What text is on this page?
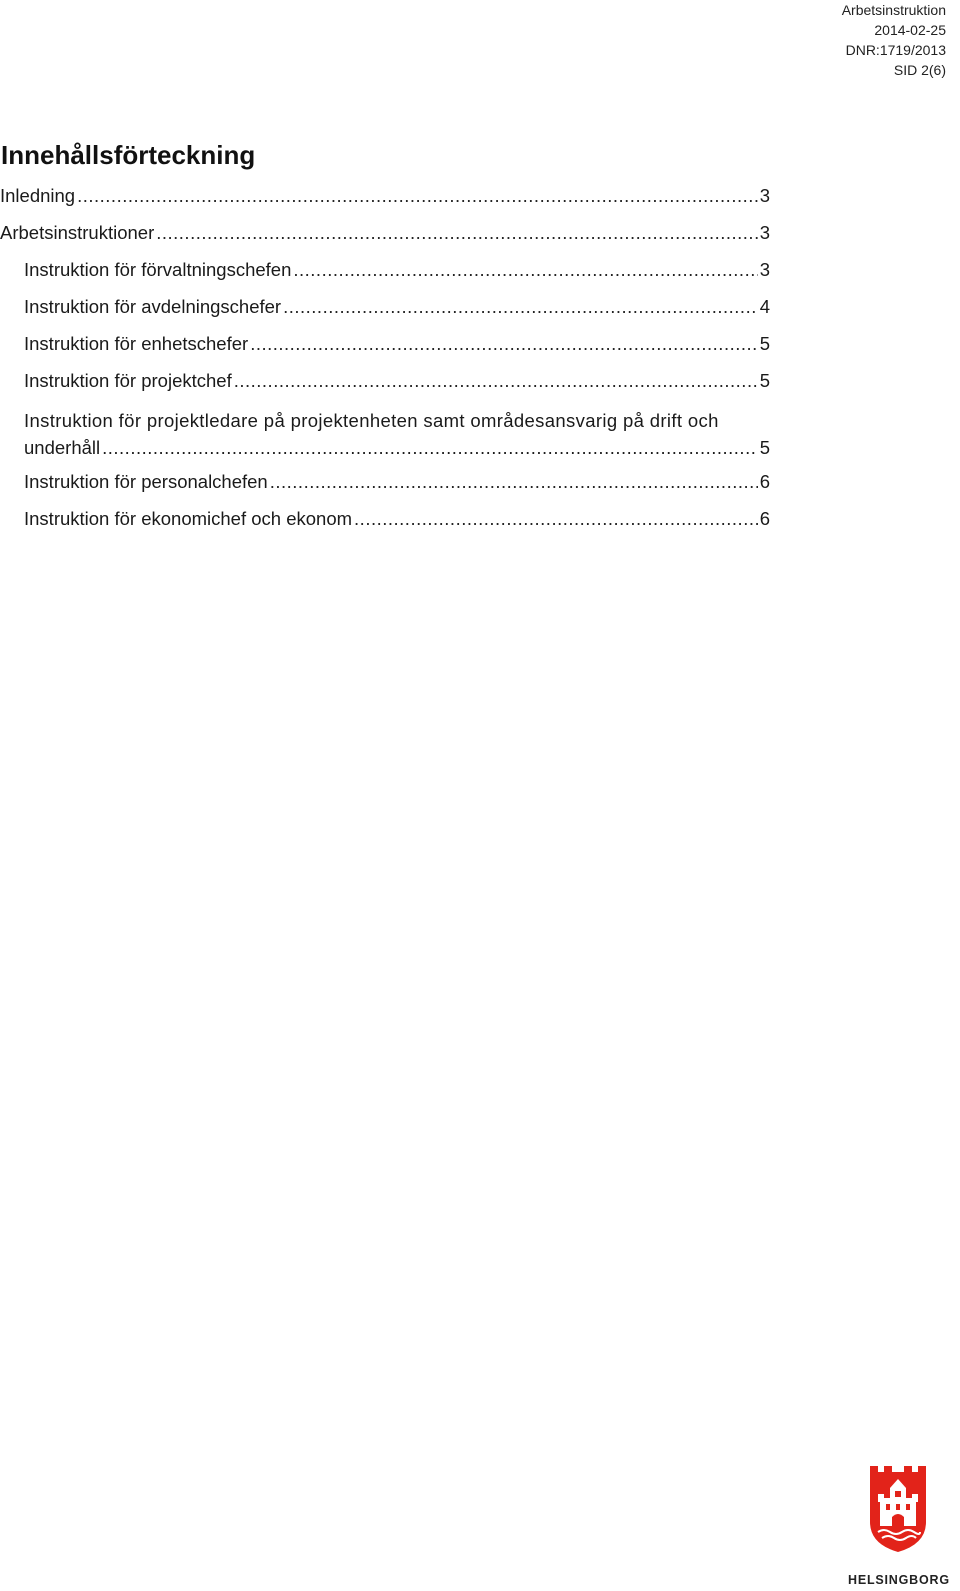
Arbetsinstruktion
2014-02-25
DNR:1719/2013
SID 2(6)
Innehållsförteckning
Inledning .....	3
Arbetsinstruktioner .....	3
Instruktion för förvaltningschefen .....	3
Instruktion för avdelningschefer .....	4
Instruktion för enhetschefer .....	5
Instruktion för projektchef .....	5
Instruktion för projektledare på projektenheten samt områdesansvarig på drift och
underhåll .....	5
Instruktion för personalchefen .....	6
Instruktion för ekonomichef och ekonom .....	6
HELSINGBORG
